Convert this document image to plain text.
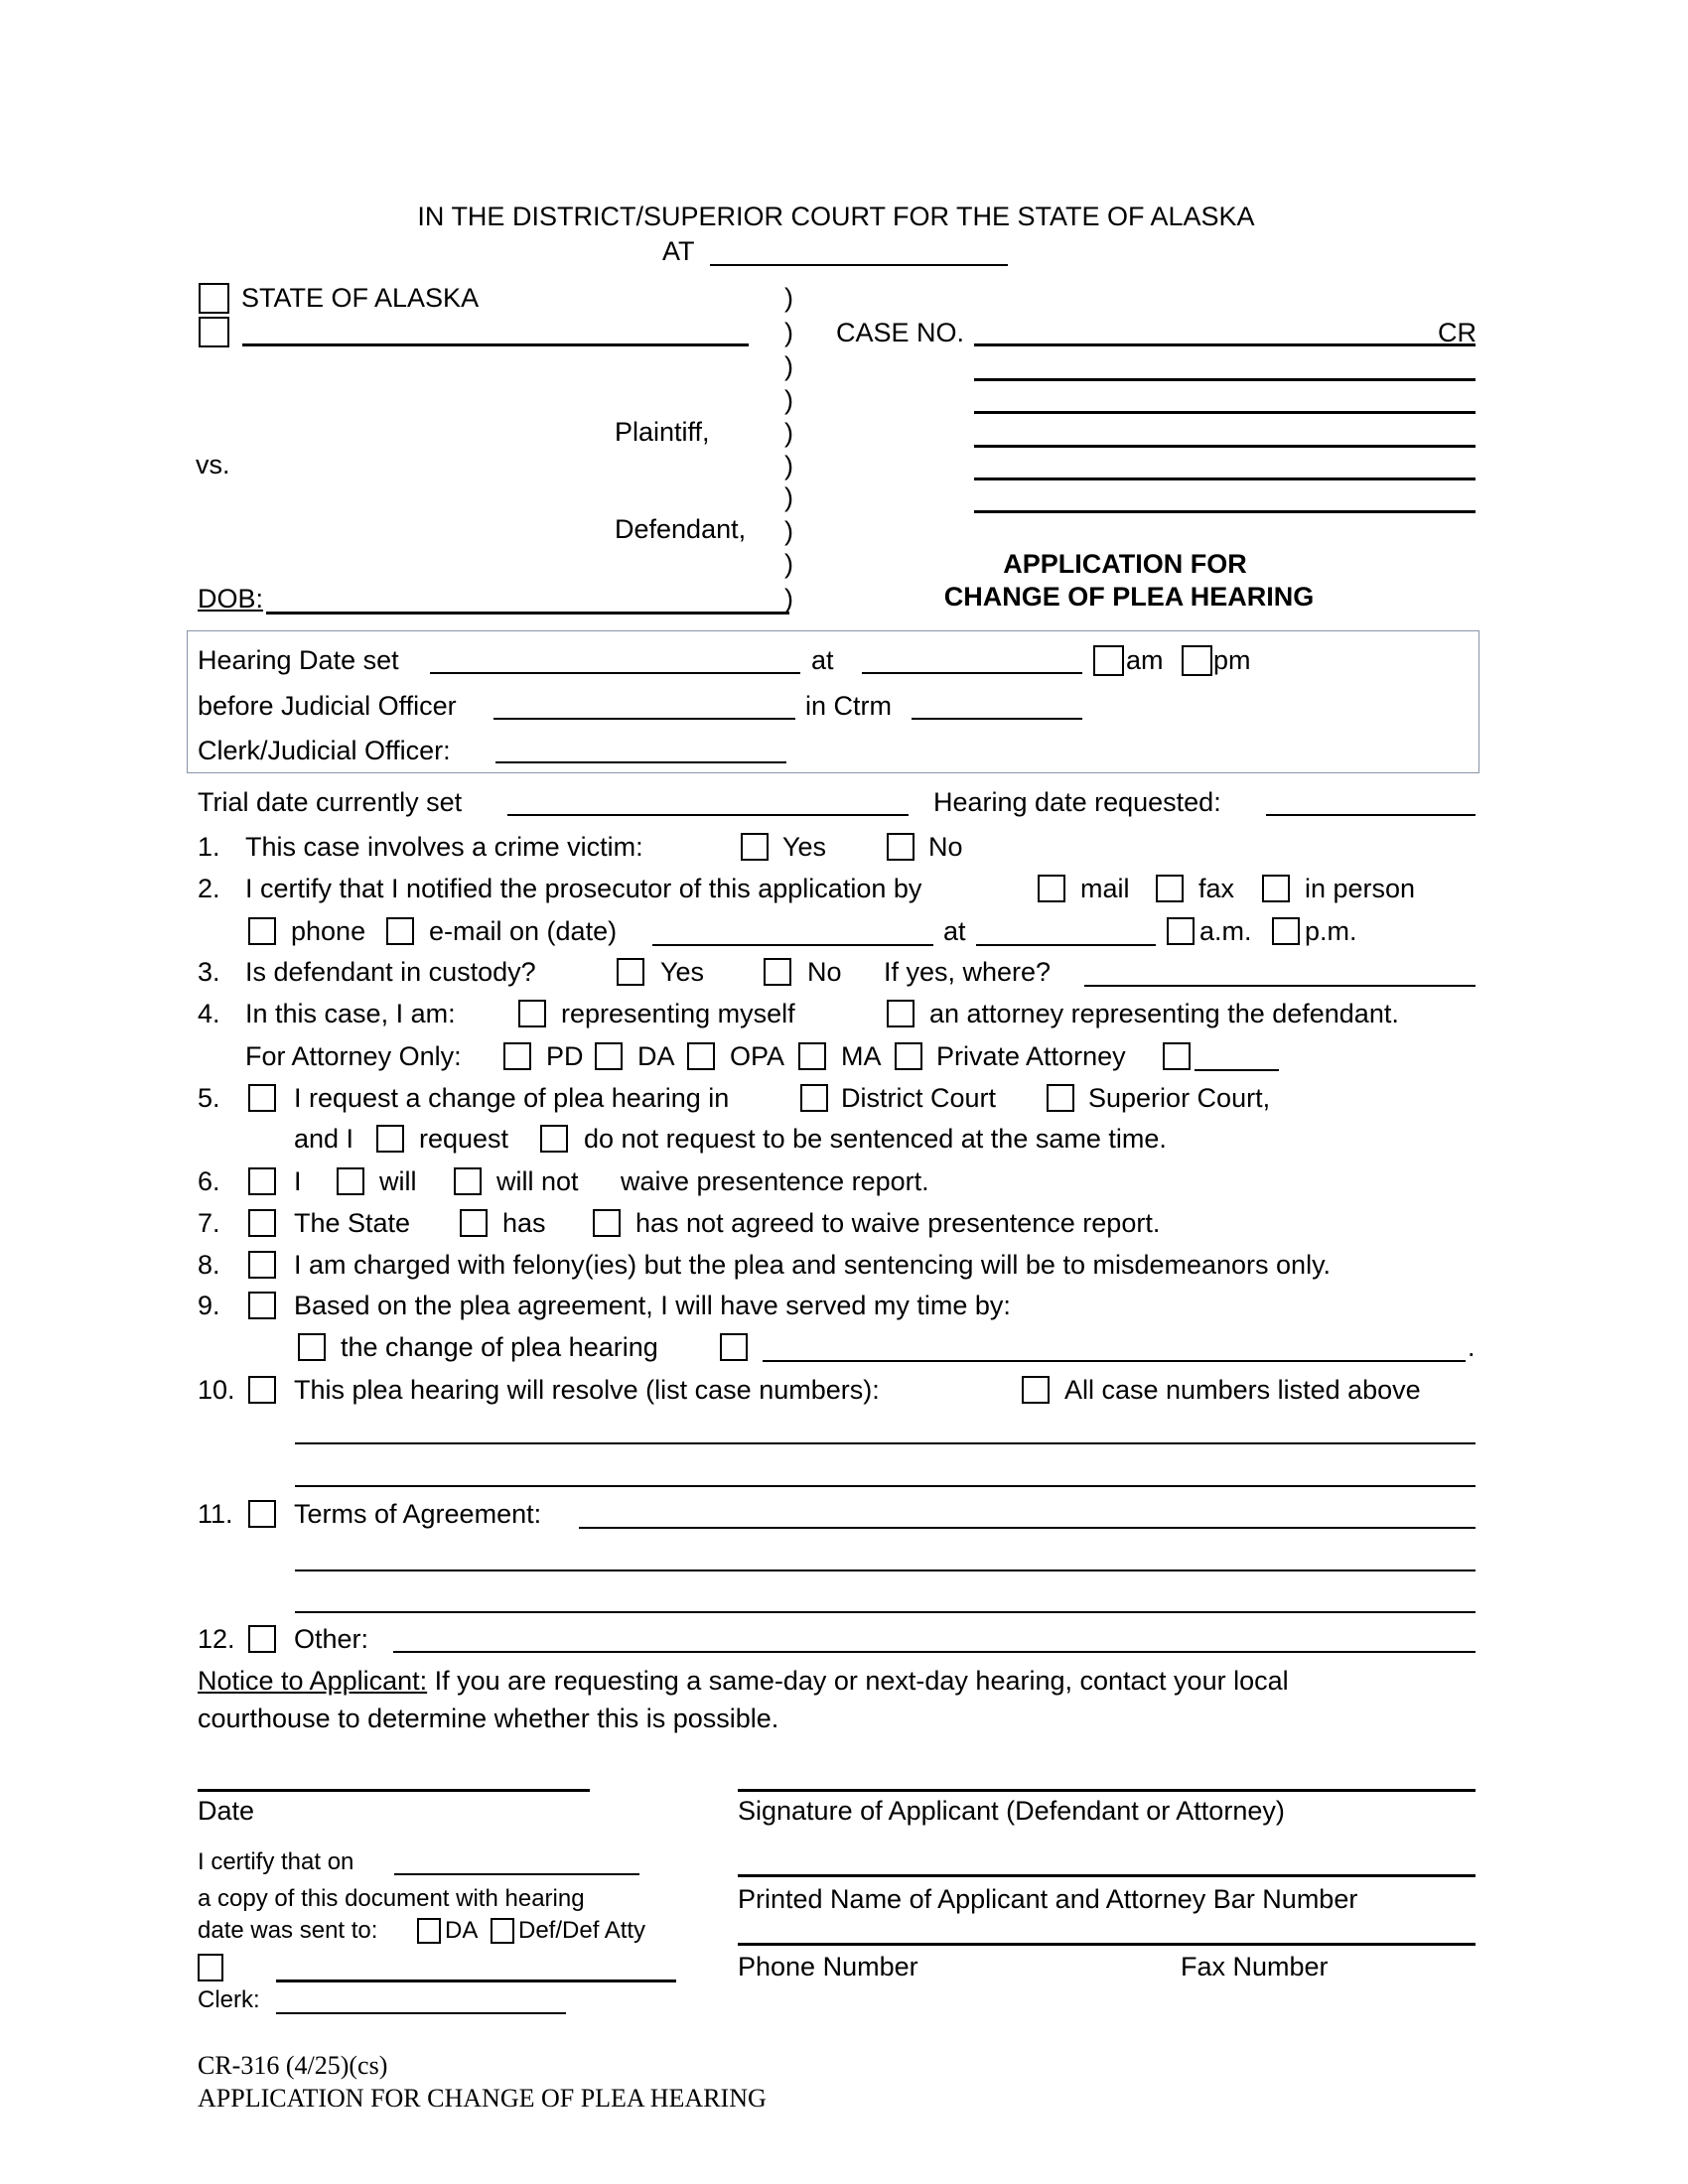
IN THE DISTRICT/SUPERIOR COURT FOR THE STATE OF ALASKA
AT
STATE OF ALASKA
Plaintiff,
vs.
Defendant,
DOB:
)
)
)
)
)
)
)
)
)
)
CASE NO.	CR
APPLICATION FOR
CHANGE OF PLEA HEARING
Hearing Date set	at	am pm
before Judicial Officer	in Ctrm
Clerk/Judicial Officer:
Trial date currently set	Hearing date requested:
1. This case involves a crime victim:	Yes	No
2. I certify that I notified the prosecutor of this application by	mail	fax	in person
phone e-mail on (date)	at	a.m. p.m.
3. Is defendant in custody?	Yes	No If yes, where?
4. In this case, I am:	representing myself	an attorney representing the defendant.
For Attorney Only:	PD DA OPA MA Private Attorney
5.	I request a change of plea hearing in	District Court	Superior Court,
and I request	do not request to be sentenced at the same time.
6.	I	will	will not waive presentence report.
7.	The State	has	has not agreed to waive presentence report.
8.	I am charged with felony(ies) but the plea and sentencing will be to misdemeanors only.
9.	Based on the plea agreement, I will have served my time by:
the change of plea hearing	.
10. This plea hearing will resolve (list case numbers):	All case numbers listed above
11. Terms of Agreement:
12. Other:
Notice to Applicant: If you are requesting a same-day or next-day hearing, contact your local
courthouse to determine whether this is possible.
Date	Signature of Applicant (Defendant or Attorney)
Printed Name of Applicant and Attorney Bar Number
Phone Number	Fax Number
I certify that on
a copy of this document with hearing
date was sent to:	DA Def/Def Atty
Clerk:
CR-316 (4/25)(cs)
APPLICATION FOR CHANGE OF PLEA HEARING
